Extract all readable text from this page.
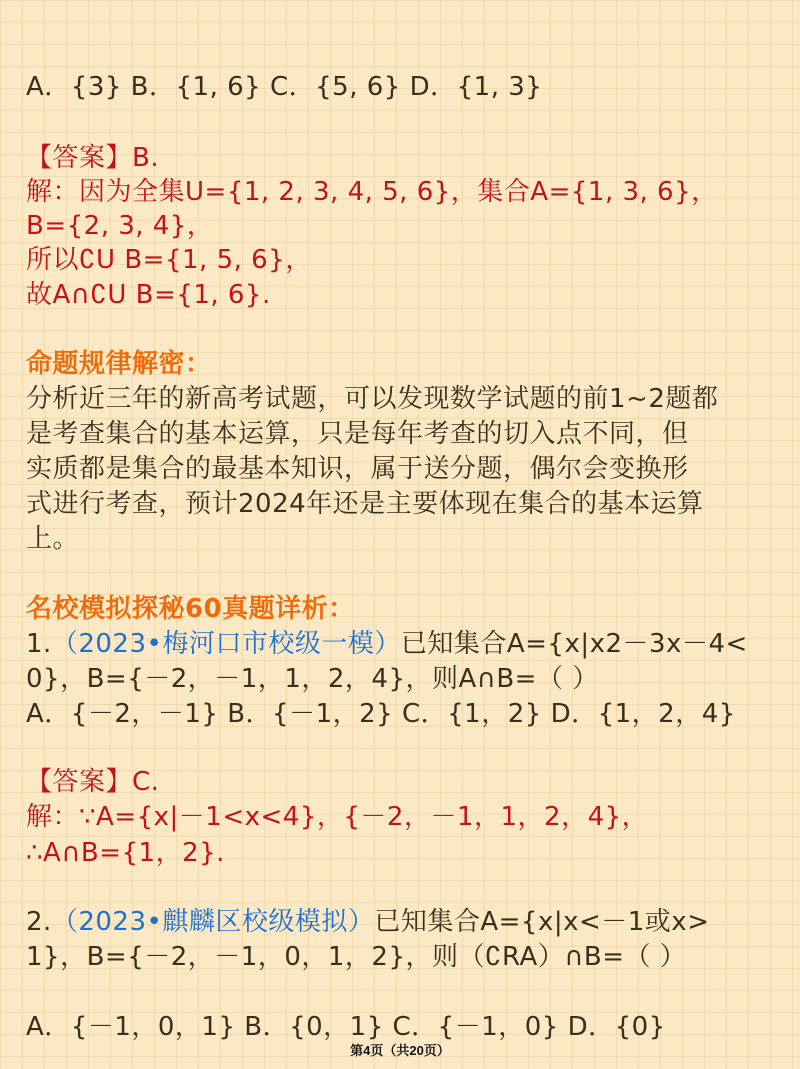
A．{3} B．{1, 6} C．{5, 6} D．{1, 3}
【答案】B.
解：因为全集U={1, 2, 3, 4, 5, 6}，集合A={1, 3, 6}，
B={2, 3, 4}，
所以∁U B={1, 5, 6}，
故A∩∁U B={1, 6}.
命题规律解密：
分析近三年的新高考试题，可以发现数学试题的前1~2题都
是考查集合的基本运算，只是每年考查的切入点不同，但
实质都是集合的最基本知识，属于送分题，偶尔会变换形
式进行考查，预计2024年还是主要体现在集合的基本运算
上。
名校模拟探秘60真题详析：
1.（2023•梅河口市校级一模）已知集合A={x|x2－3x－4<
0}，B={－2，－1，1，2，4}，则A∩B=（ ）
A．{－2，－1} B．{－1，2} C．{1，2} D．{1，2，4}
【答案】C.
解：∵A={x|－1<x<4}，{－2，－1，1，2，4}，
∴A∩B={1，2}.
2.（2023•麒麟区校级模拟）已知集合A={x|x<－1或x>
1}，B={－2，－1，0，1，2}，则（∁RA）∩B=（ ）
A．{－1，0，1} B．{0，1} C．{－1，0} D．{0}
第4页（共20页）
